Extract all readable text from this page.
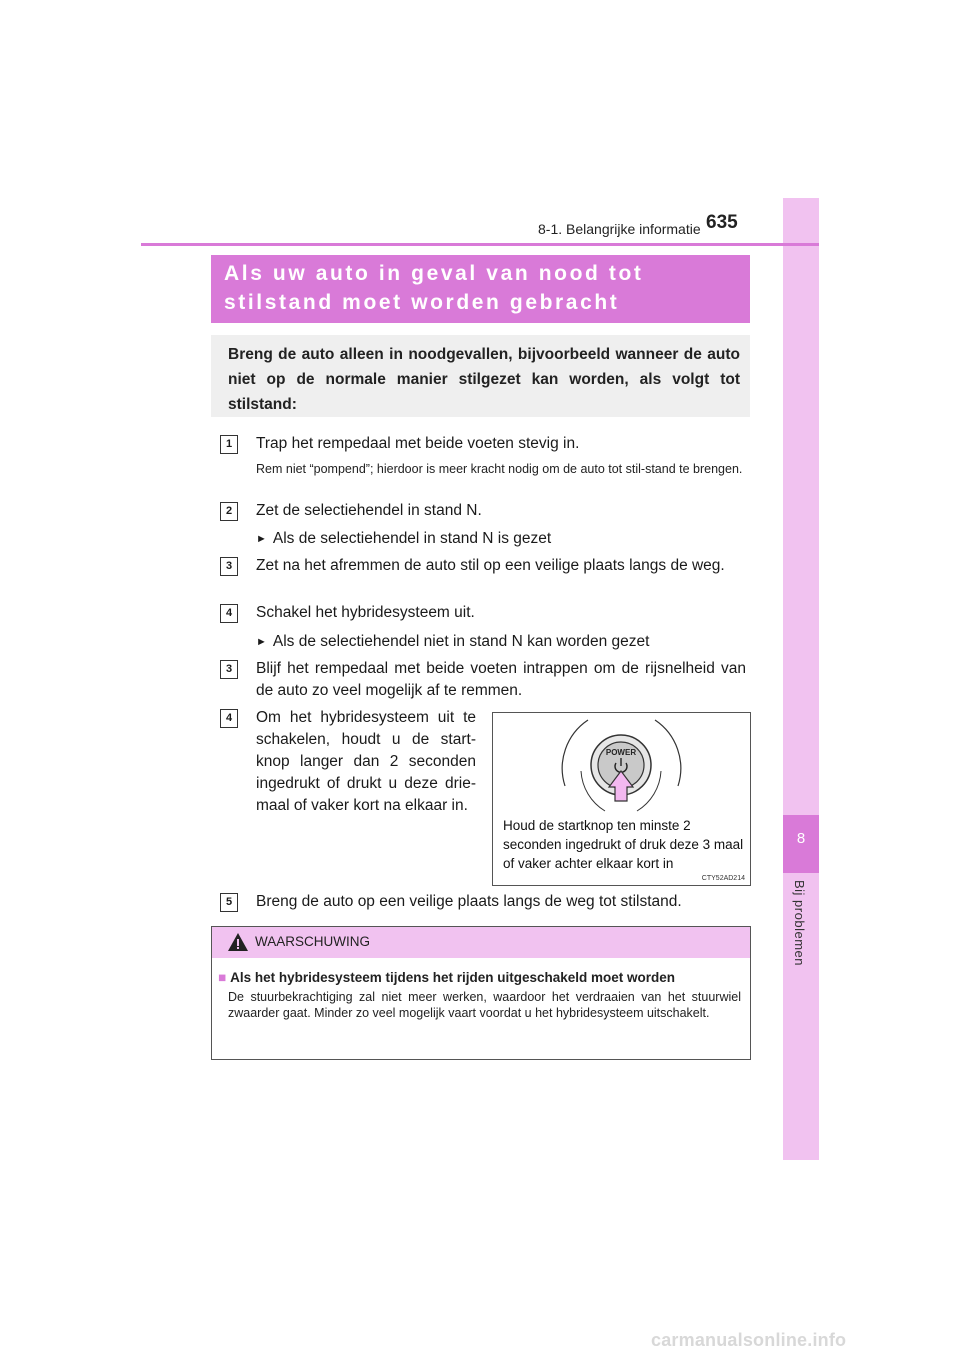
8
Bij problemen
8-1. Belangrijke informatie 635
Als uw auto in geval van nood tot stilstand moet worden gebracht
Breng de auto alleen in noodgevallen, bijvoorbeeld wanneer de auto niet op de normale manier stilgezet kan worden, als volgt tot stilstand:
1	Trap het rempedaal met beide voeten stevig in.
Rem niet “pompend”; hierdoor is meer kracht nodig om de auto tot stil-stand te brengen.
2	Zet de selectiehendel in stand N.
► Als de selectiehendel in stand N is gezet
3	Zet na het afremmen de auto stil op een veilige plaats langs de weg.
4	Schakel het hybridesysteem uit.
► Als de selectiehendel niet in stand N kan worden gezet
3	Blijf het rempedaal met beide voeten intrappen om de rijsnelheid van de auto zo veel mogelijk af te remmen.
4	Om het hybridesysteem uit te schakelen, houdt u de start-knop langer dan 2 seconden ingedrukt of drukt u deze drie-maal of vaker kort na elkaar in.
POWER
Houd de startknop ten minste 2 seconden ingedrukt of druk deze 3 maal of vaker achter elkaar kort in
CTY52AD214
5	Breng de auto op een veilige plaats langs de weg tot stilstand.
WAARSCHUWING
■ Als het hybridesysteem tijdens het rijden uitgeschakeld moet worden
De stuurbekrachtiging zal niet meer werken, waardoor het verdraaien van het stuurwiel zwaarder gaat. Minder zo veel mogelijk vaart voordat u het hybridesysteem uitschakelt.
carmanualsonline.info
